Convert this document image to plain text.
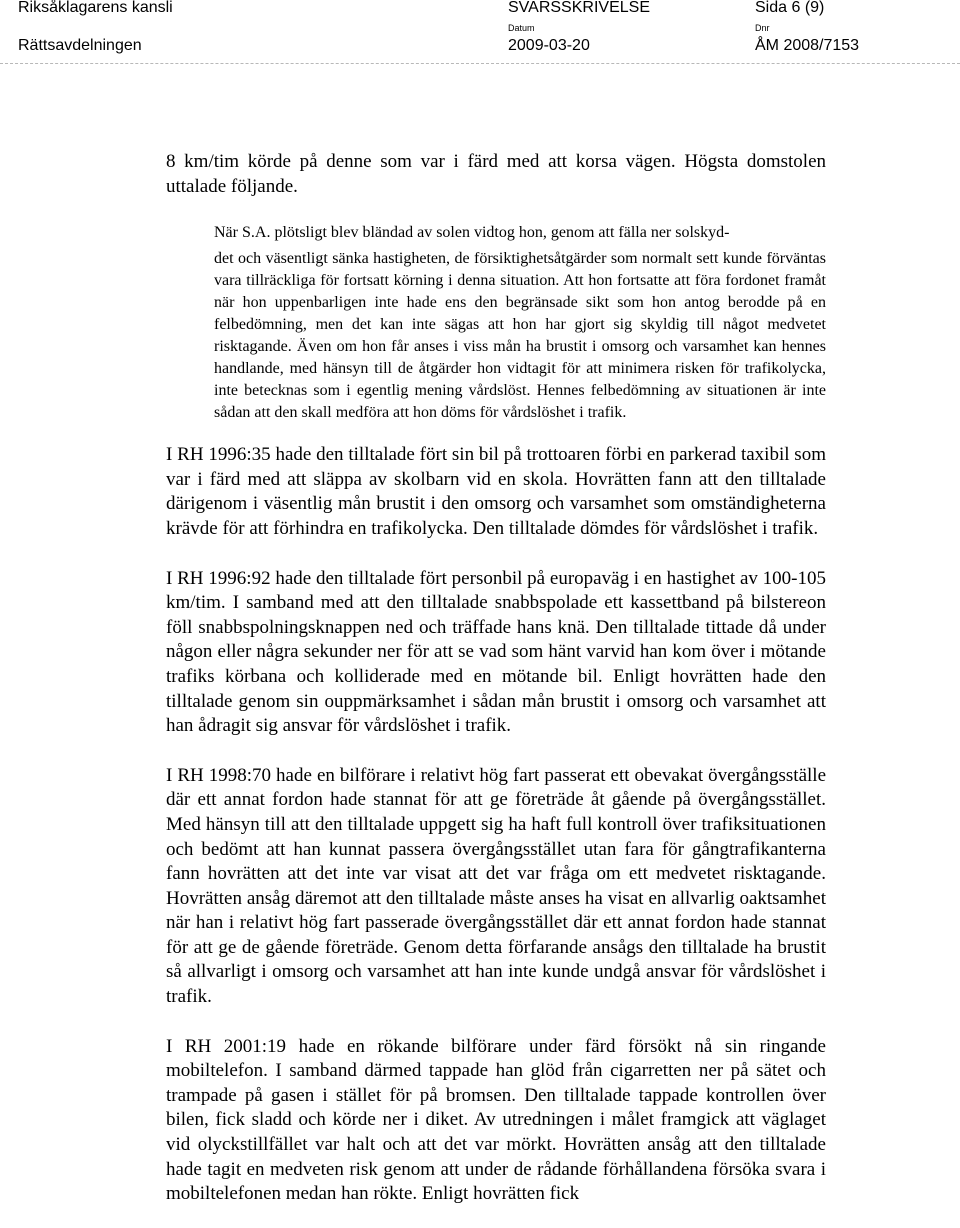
Riksåklagarens kansli
Rättsavdelningen
SVARSSKRIVELSE	Sida 6 (9)
Datum	Dnr
2009-03-20	ÅM 2008/7153

8 km/tim körde på denne som var i färd med att korsa vägen. Högsta domstolen uttalade följande.

När S.A. plötsligt blev bländad av solen vidtog hon, genom att fälla ner solskyd-

det och väsentligt sänka hastigheten, de försiktighetsåtgärder som normalt sett kunde förväntas vara tillräckliga för fortsatt körning i denna situation. Att hon fortsatte att föra fordonet framåt när hon uppenbarligen inte hade ens den begränsade sikt som hon antog berodde på en felbedömning, men det kan inte sägas att hon har gjort sig skyldig till något medvetet risktagande. Även om hon får anses i viss mån ha brustit i omsorg och varsamhet kan hennes handlande, med hänsyn till de åtgärder hon vidtagit för att minimera risken för trafikolycka, inte betecknas som i egentlig mening vårdslöst. Hennes felbedömning av situationen är inte sådan att den skall medföra att hon döms för vårdslöshet i trafik.

I RH 1996:35 hade den tilltalade fört sin bil på trottoaren förbi en parkerad taxibil som var i färd med att släppa av skolbarn vid en skola. Hovrätten fann att den tilltalade därigenom i väsentlig mån brustit i den omsorg och varsamhet som omständigheterna krävde för att förhindra en trafikolycka. Den tilltalade dömdes för vårdslöshet i trafik.

I RH 1996:92 hade den tilltalade fört personbil på europaväg i en hastighet av 100-105 km/tim. I samband med att den tilltalade snabbspolade ett kassettband på bilstereon föll snabbspolningsknappen ned och träffade hans knä. Den tilltalade tittade då under någon eller några sekunder ner för att se vad som hänt varvid han kom över i mötande trafiks körbana och kolliderade med en mötande bil. Enligt hovrätten hade den tilltalade genom sin ouppmärksamhet i sådan mån brustit i omsorg och varsamhet att han ådragit sig ansvar för vårdslöshet i trafik.

I RH 1998:70 hade en bilförare i relativt hög fart passerat ett obevakat övergångsställe där ett annat fordon hade stannat för att ge företräde åt gående på övergångsstället. Med hänsyn till att den tilltalade uppgett sig ha haft full kontroll över trafiksituationen och bedömt att han kunnat passera övergångsstället utan fara för gångtrafikanterna fann hovrätten att det inte var visat att det var fråga om ett medvetet risktagande. Hovrätten ansåg däremot att den tilltalade måste anses ha visat en allvarlig oaktsamhet när han i relativt hög fart passerade övergångsstället där ett annat fordon hade stannat för att ge de gående företräde. Genom detta förfarande ansågs den tilltalade ha brustit så allvarligt i omsorg och varsamhet att han inte kunde undgå ansvar för vårdslöshet i trafik.

I RH 2001:19 hade en rökande bilförare under färd försökt nå sin ringande mobiltelefon. I samband därmed tappade han glöd från cigarretten ner på sätet och trampade på gasen i stället för på bromsen. Den tilltalade tappade kontrollen över bilen, fick sladd och körde ner i diket. Av utredningen i målet framgick att väglaget vid olyckstillfället var halt och att det var mörkt. Hovrätten ansåg att den tilltalade hade tagit en medveten risk genom att under de rådande förhållandena försöka svara i mobiltelefonen medan han rökte. Enligt hovrätten fick
